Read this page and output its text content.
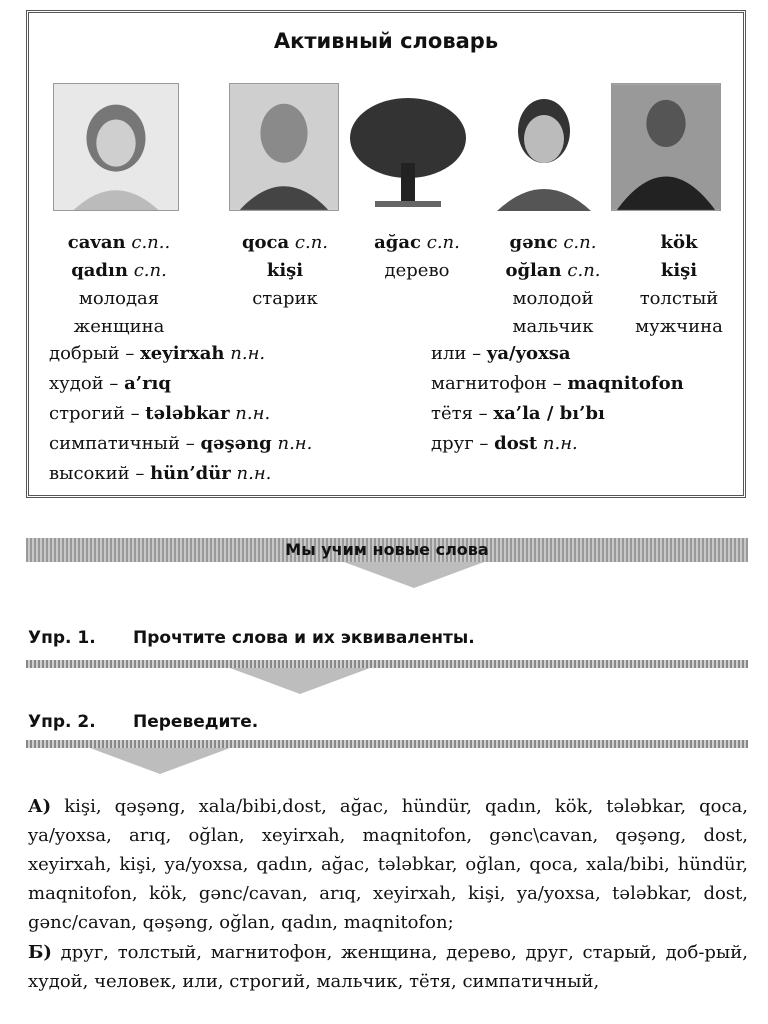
Активный словарь
cavan с.п..
qadın с.п.
молодая
женщина
qoca с.п.
kişi
старик
ağac с.п.
дерево
gənc с.п.
oğlan с.п.
молодой
мальчик
kök
kişi
толстый
мужчина
добрый – xeyirxah п.н.
худой – a’rıq
строгий – tələbkar п.н.
симпатичный – qəşəng п.н.
высокий – hün’dür п.н.
или – ya/yoxsa
магнитофон – maqnitofon
тётя – xa’la / bı’bı
друг – dost п.н.
Мы учим новые слова
Упр. 1. Прочтите слова и их эквиваленты.
Упр. 2. Переведите.
А) kişi, qəşəng, xala/bibi,dost, ağac, hündür, qadın, kök, tələbkar, qoca, ya/yoxsa, arıq, oğlan, xeyirxah, maqnitofon, gənc\cavan, qəşəng, dost, xeyirxah, kişi, ya/yoxsa, qadın, ağac, tələbkar, oğlan, qoca, xala/bibi, hündür, maqnitofon, kök, gənc/cavan, arıq, xeyirxah, kişi, ya/yoxsa, tələbkar, dost, gənc/cavan, qəşəng, oğlan, qadın, maqnitofon;
Б) друг, толстый, магнитофон, женщина, дерево, друг, старый, доб-рый, худой, человек, или, строгий, мальчик, тётя, симпатичный,
